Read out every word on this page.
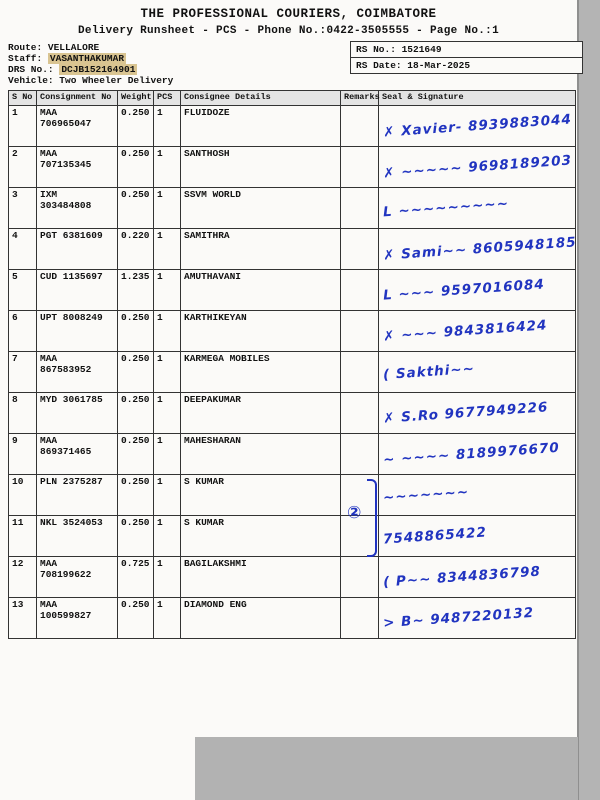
THE PROFESSIONAL COURIERS, COIMBATORE
Delivery Runsheet - PCS - Phone No.:0422-3505555 - Page No.:1
Route: VELLALORE
Staff: VASANTHAKUMAR
DRS No.: DCJB152164901
Vehicle: Two Wheeler Delivery
RS No.: 1521649
RS Date: 18-Mar-2025
S No	Consignment No	Weight	PCS	Consignee Details	Remarks	Seal & Signature
1	MAA 706965047	0.250	1	FLUIDOZE		✗ Xavier- 8939883044

2	MAA 707135345	0.250	1	SANTHOSH		✗ ~~~~~ 9698189203

3	IXM 303484808	0.250	1	SSVM WORLD		L ~~~~~~~~~

4	PGT 6381609	0.220	1	SAMITHRA		✗ Sami~~ 8605948185

5	CUD 1135697	1.235	1	AMUTHAVANI		L ~~~ 9597016084

6	UPT 8008249	0.250	1	KARTHIKEYAN		✗ ~~~ 9843816424

7	MAA 867583952	0.250	1	KARMEGA MOBILES		( Sakthi~~

8	MYD 3061785	0.250	1	DEEPAKUMAR		✗ S.Ro 9677949226

9	MAA 869371465	0.250	1	MAHESHARAN		~ ~~~~ 8189976670

10	PLN 2375287	0.250	1	S KUMAR	②	~~~~~~~

11	NKL 3524053	0.250	1	S KUMAR		7548865422

12	MAA 708199622	0.725	1	BAGILAKSHMI		( P~~ 8344836798

13	MAA 100599827	0.250	1	DIAMOND ENG		> B~ 9487220132
